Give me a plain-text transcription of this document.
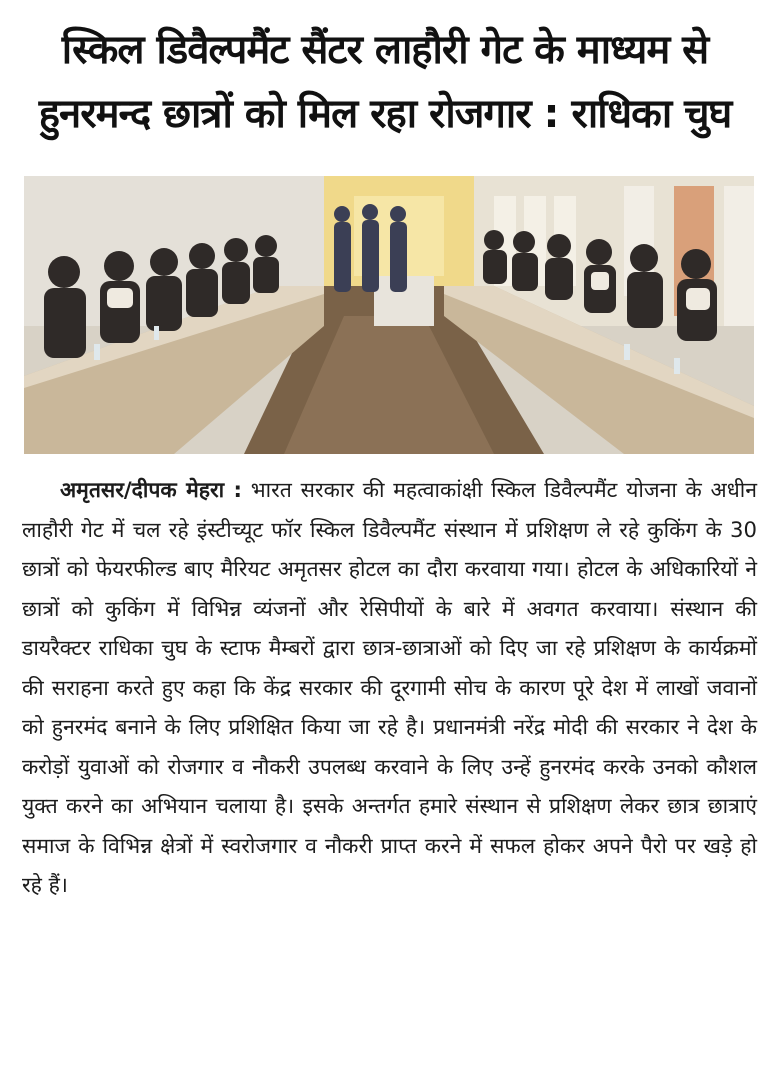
स्किल डिवैल्पमैंट सैंटर लाहौरी गेट के माध्यम से
हुनरमन्द छात्रों को मिल रहा रोजगार : राधिका चुघ
अमृतसर/दीपक मेहरा : भारत सरकार की महत्वाकांक्षी स्किल डिवैल्पमैंट योजना के अधीन लाहौरी गेट में चल रहे इंस्टीच्यूट फॉर स्किल डिवैल्पमैंट संस्थान में प्रशिक्षण ले रहे कुकिंग के 30 छात्रों को फेयरफील्ड बाए मैरियट अमृतसर होटल का दौरा करवाया गया। होटल के अधिकारियों ने छात्रों को कुकिंग में विभिन्न व्यंजनों और रेसिपीयों के बारे में अवगत करवाया। संस्थान की डायरैक्टर राधिका चुघ के स्टाफ मैम्बरों द्वारा छात्र-छात्राओं को दिए जा रहे प्रशिक्षण के कार्यक्रमों की सराहना करते हुए कहा कि केंद्र सरकार की दूरगामी सोच के कारण पूरे देश में लाखों जवानों को हुनरमंद बनाने के लिए प्रशिक्षित किया जा रहे है। प्रधानमंत्री नरेंद्र मोदी की सरकार ने देश के करोड़ों युवाओं को रोजगार व नौकरी उपलब्ध करवाने के लिए उन्हें हुनरमंद करके उनको कौशल युक्त करने का अभियान चलाया है। इसके अन्तर्गत हमारे संस्थान से प्रशिक्षण लेकर छात्र छात्राएं समाज के विभिन्न क्षेत्रों में स्वरोजगार व नौकरी प्राप्त करने में सफल होकर अपने पैरो पर खड़े हो रहे हैं।
